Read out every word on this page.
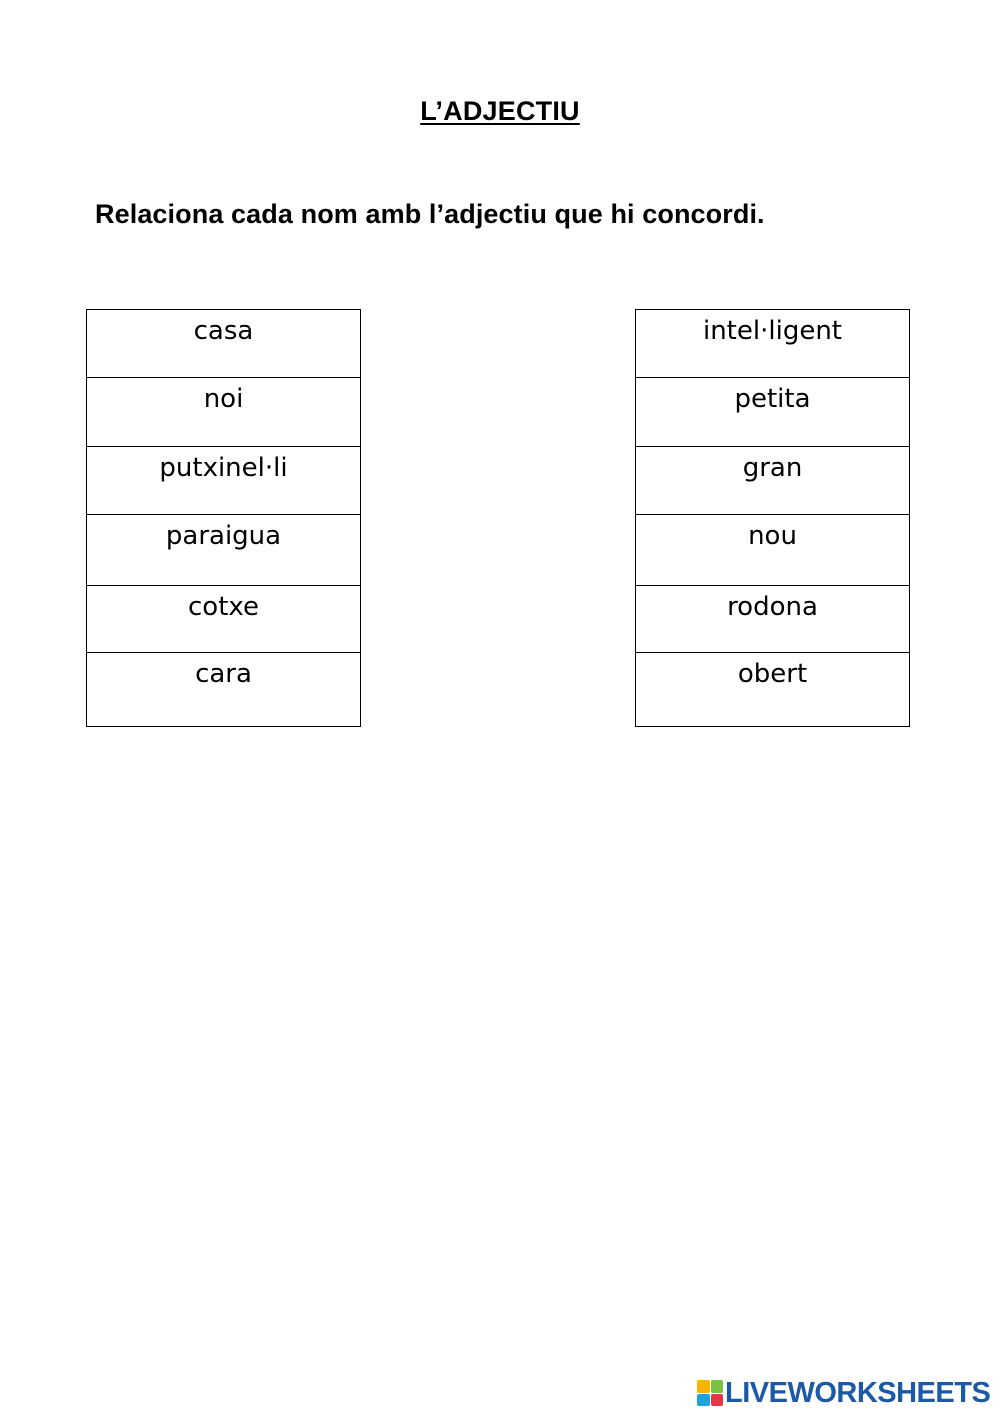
L’ADJECTIU
Relaciona cada nom amb l’adjectiu que hi concordi.
casa
noi
putxinel·li
paraigua
cotxe
cara
intel·ligent
petita
gran
nou
rodona
obert
LIVEWORKSHEETS
